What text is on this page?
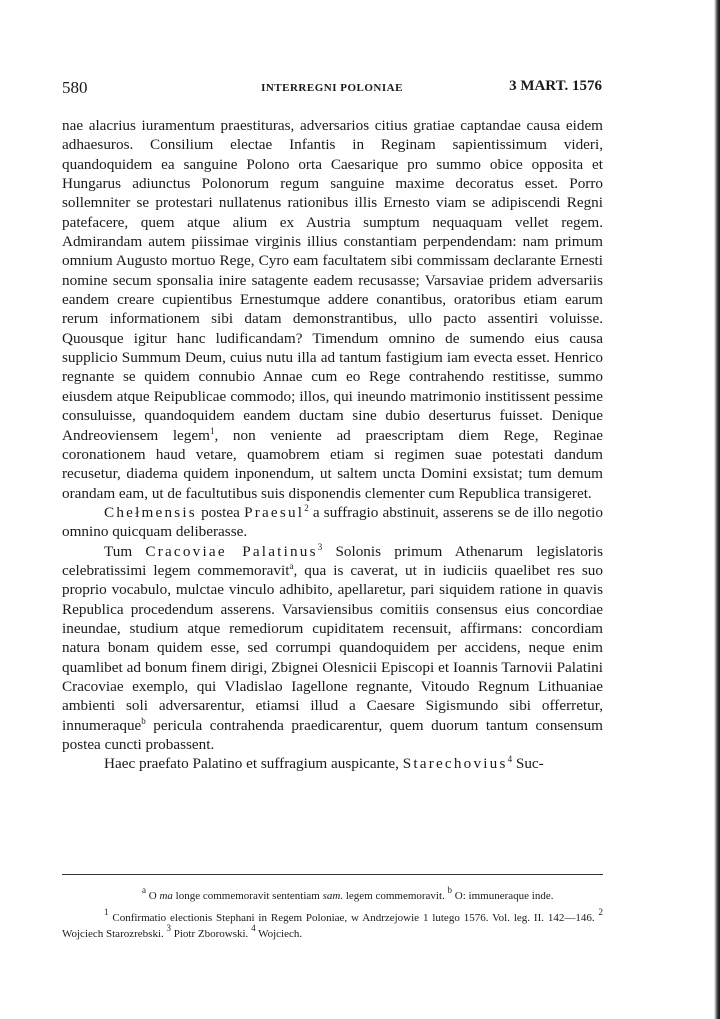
580	INTERREGNI POLONIAE	3 MART. 1576

nae alacrius iuramentum praestituras, adversarios citius gratiae captandae causa eidem adhaesuros. Consilium electae Infantis in Reginam sapientissimum videri, quandoquidem ea sanguine Polono orta Caesarique pro summo obice opposita et Hungarus adiunctus Polonorum regum sanguine maxime decoratus esset. Porro sollemniter se protestari nullatenus rationibus illis Ernesto viam se adipiscendi Regni patefacere, quem atque alium ex Austria sumptum nequaquam vellet regem. Admirandam autem piissimae virginis illius constantiam perpendendam: nam primum omnium Augusto mortuo Rege, Cyro eam facultatem sibi commissam declarante Ernesti nomine secum sponsalia inire satagente eadem recusasse; Varsaviae pridem adversariis eandem creare cupientibus Ernestumque addere conantibus, oratoribus etiam earum rerum informationem sibi datam demonstrantibus, ullo pacto assentiri voluisse. Quousque igitur hanc ludificandam? Timendum omnino de sumendo eius causa supplicio Summum Deum, cuius nutu illa ad tantum fastigium iam evecta esset. Henrico regnante se quidem connubio Annae cum eo Rege contrahendo restitisse, summo eiusdem atque Reipublicae commodo; illos, qui ineundo matrimonio institissent pessime consuluisse, quandoquidem eandem ductam sine dubio deserturus fuisset. Denique Andreoviensem legem$^1$, non veniente ad praescriptam diem Rege, Reginae coronationem haud vetare, quamobrem etiam si regimen suae potestati dandum recusetur, diadema quidem inponendum, ut saltem uncta Domini exsistat; tum demum orandam eam, ut de facultutibus suis disponendis clementer cum Republica transigeret.

Chełmensis postea Praesul$^2$ a suffragio abstinuit, asserens se de illo negotio omnino quicquam deliberasse.

Tum Cracoviae Palatinus$^3$ Solonis primum Athenarum legislatoris celebratissimi legem commemoravit$^a$, qua is caverat, ut in iudiciis quaelibet res suo proprio vocabulo, mulctae vinculo adhibito, apellaretur, pari siquidem ratione in quavis Republica procedendum asserens. Varsaviensibus comitiis consensus eius concordiae ineundae, studium atque remediorum cupiditatem recensuit, affirmans: concordiam natura bonam quidem esse, sed corrumpi quandoquidem per accidens, neque enim quamlibet ad bonum finem dirigi, Zbignei Olesnicii Episcopi et Ioannis Tarnovii Palatini Cracoviae exemplo, qui Vladislao Iagellone regnante, Vitoudo Regnum Lithuaniae ambienti soli adversarentur, etiamsi illud a Caesare Sigismundo sibi offerretur, innumeraque$^b$ pericula contrahenda praedicarentur, quem duorum tantum consensum postea cuncti probassent.

Haec praefato Palatino et suffragium auspicante, Starechovius$^4$ Suc-

$^a$ O ma longe commemoravit sententiam sam. legem commemoravit. $^b$ O: immuneraque inde.

$^1$ Confirmatio electionis Stephani in Regem Poloniae, w Andrzejowie 1 lutego 1576. Vol. leg. II. 142—146. $^2$ Wojciech Starozrebski. $^3$ Piotr Zborowski. $^4$ Wojciech.
